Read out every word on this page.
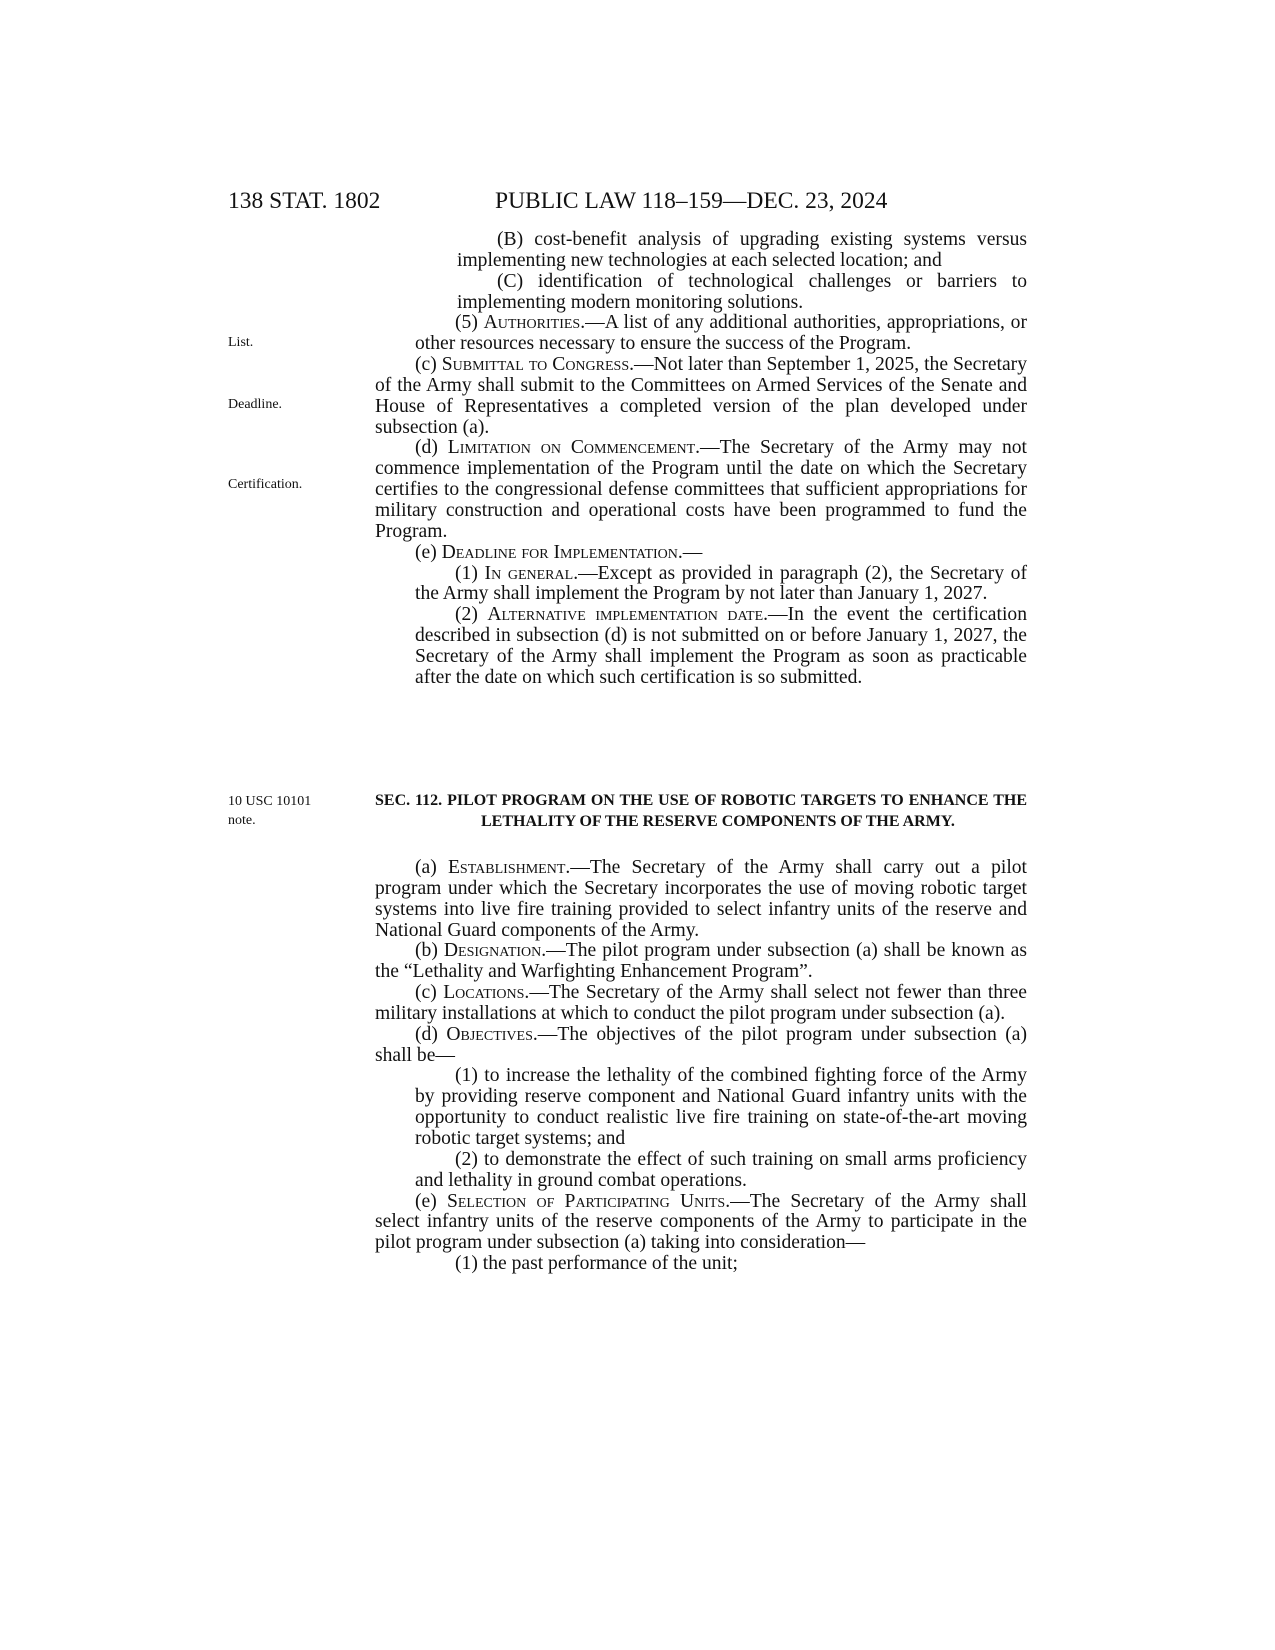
138 STAT. 1802	PUBLIC LAW 118–159—DEC. 23, 2024
List.
Deadline.
Certification.
10 USC 10101
note.

(B) cost-benefit analysis of upgrading existing systems versus implementing new technologies at each selected location; and

(C) identification of technological challenges or barriers to implementing modern monitoring solutions.

(5) Authorities.—A list of any additional authorities, appropriations, or other resources necessary to ensure the success of the Program.

(c) Submittal to Congress.—Not later than September 1, 2025, the Secretary of the Army shall submit to the Committees on Armed Services of the Senate and House of Representatives a completed version of the plan developed under subsection (a).

(d) Limitation on Commencement.—The Secretary of the Army may not commence implementation of the Program until the date on which the Secretary certifies to the congressional defense committees that sufficient appropriations for military construction and operational costs have been programmed to fund the Program.

(e) Deadline for Implementation.—

(1) In general.—Except as provided in paragraph (2), the Secretary of the Army shall implement the Program by not later than January 1, 2027.

(2) Alternative implementation date.—In the event the certification described in subsection (d) is not submitted on or before January 1, 2027, the Secretary of the Army shall implement the Program as soon as practicable after the date on which such certification is so submitted.

SEC. 112. PILOT PROGRAM ON THE USE OF ROBOTIC TARGETS TO ENHANCE THE LETHALITY OF THE RESERVE COMPONENTS OF THE ARMY.

(a) Establishment.—The Secretary of the Army shall carry out a pilot program under which the Secretary incorporates the use of moving robotic target systems into live fire training provided to select infantry units of the reserve and National Guard components of the Army.

(b) Designation.—The pilot program under subsection (a) shall be known as the “Lethality and Warfighting Enhancement Program”.

(c) Locations.—The Secretary of the Army shall select not fewer than three military installations at which to conduct the pilot program under subsection (a).

(d) Objectives.—The objectives of the pilot program under subsection (a) shall be—

(1) to increase the lethality of the combined fighting force of the Army by providing reserve component and National Guard infantry units with the opportunity to conduct realistic live fire training on state-of-the-art moving robotic target systems; and

(2) to demonstrate the effect of such training on small arms proficiency and lethality in ground combat operations.

(e) Selection of Participating Units.—The Secretary of the Army shall select infantry units of the reserve components of the Army to participate in the pilot program under subsection (a) taking into consideration—

(1) the past performance of the unit;
